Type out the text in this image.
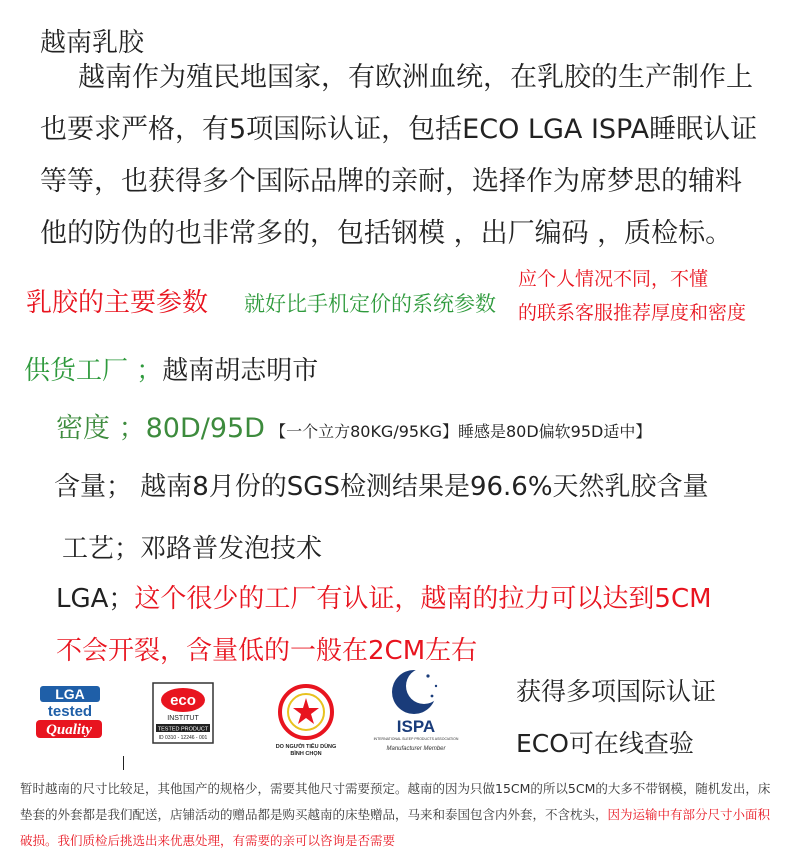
越南乳胶
越南作为殖民地国家，有欧洲血统，在乳胶的生产制作上
也要求严格，有5项国际认证，包括ECO LGA ISPA睡眠认证
等等，也获得多个国际品牌的亲耐，选择作为席梦思的辅料
他的防伪的也非常多的，包括钢模 ，出厂编码 ，质检标。
乳胶的主要参数 就好比手机定价的系统参数
应个人情况不同，不懂
的联系客服推荐厚度和密度
供货工厂 ；越南胡志明市
密度 ；80D/95D 【一个立方80KG/95KG】睡感是80D偏软95D适中】
含量； 越南8月份的SGS检测结果是96.6%天然乳胶含量
工艺；邓路普发泡技术
LGA；这个很少的工厂有认证，越南的拉力可以达到5CM
不会开裂，含量低的一般在2CM左右
LGA
tested
Quality
eco
INSTITUT
TESTED PRODUCT
ID 0310 - 12246 - 001
DO NGƯỜI TIÊU DÙNG
BÌNH CHỌN
ISPA
INTERNATIONAL SLEEP PRODUCTS ASSOCIATION
Manufacturer Member
获得多项国际认证
ECO可在线查验
暂时越南的尺寸比较足，其他国产的规格少，需要其他尺寸需要预定。越南的因为只做15CM的所以5CM的大多不带钢模，随机发出，床垫套的外套都是我们配送，店铺活动的赠品都是购买越南的床垫赠品，马来和泰国包含内外套，不含枕头，因为运输中有部分尺寸小面积破损。我们质检后挑选出来优惠处理，有需要的亲可以咨询是否需要
